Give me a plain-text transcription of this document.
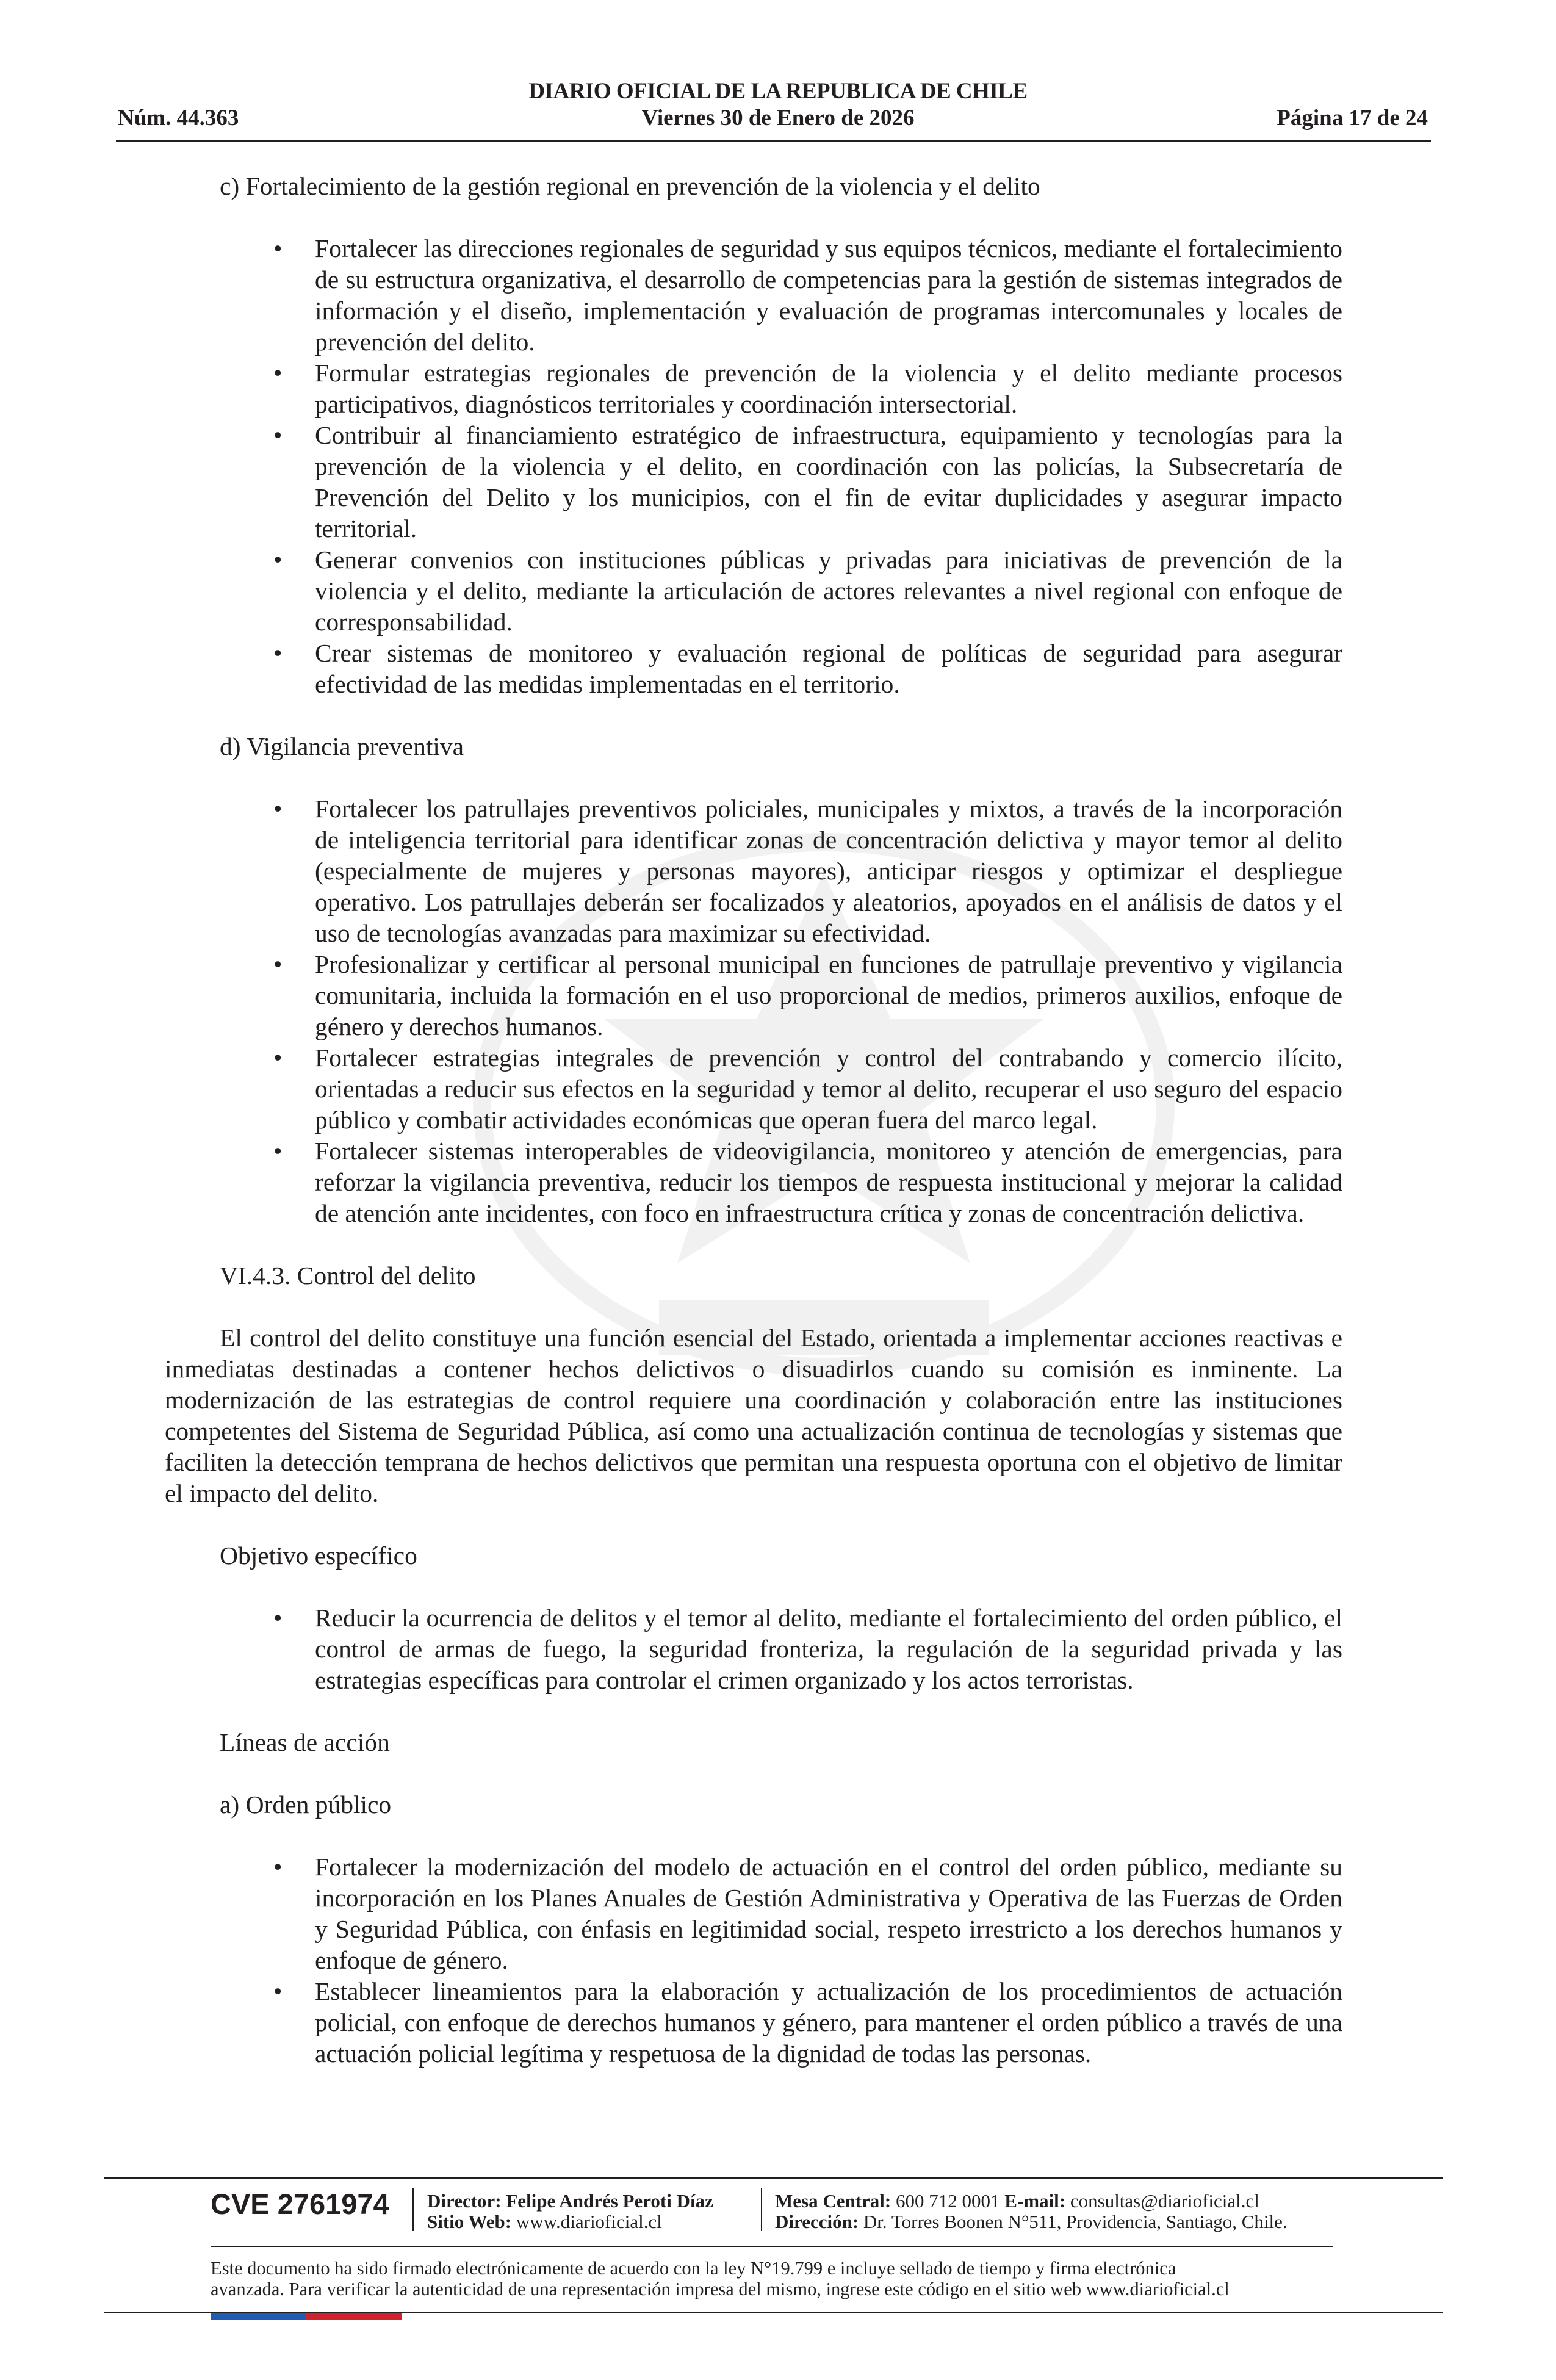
DIARIO OFICIAL DE LA REPUBLICA DE CHILE
Núm. 44.363	Viernes 30 de Enero de 2026	Página 17 de 24

c) Fortalecimiento de la gestión regional en prevención de la violencia y el delito

• Fortalecer las direcciones regionales de seguridad y sus equipos técnicos, mediante el fortalecimiento de su estructura organizativa, el desarrollo de competencias para la gestión de sistemas integrados de información y el diseño, implementación y evaluación de programas intercomunales y locales de prevención del delito.
• Formular estrategias regionales de prevención de la violencia y el delito mediante procesos participativos, diagnósticos territoriales y coordinación intersectorial.
• Contribuir al financiamiento estratégico de infraestructura, equipamiento y tecnologías para la prevención de la violencia y el delito, en coordinación con las policías, la Subsecretaría de Prevención del Delito y los municipios, con el fin de evitar duplicidades y asegurar impacto territorial.
• Generar convenios con instituciones públicas y privadas para iniciativas de prevención de la violencia y el delito, mediante la articulación de actores relevantes a nivel regional con enfoque de corresponsabilidad.
• Crear sistemas de monitoreo y evaluación regional de políticas de seguridad para asegurar efectividad de las medidas implementadas en el territorio.

d) Vigilancia preventiva

• Fortalecer los patrullajes preventivos policiales, municipales y mixtos, a través de la incorporación de inteligencia territorial para identificar zonas de concentración delictiva y mayor temor al delito (especialmente de mujeres y personas mayores), anticipar riesgos y optimizar el despliegue operativo. Los patrullajes deberán ser focalizados y aleatorios, apoyados en el análisis de datos y el uso de tecnologías avanzadas para maximizar su efectividad.
• Profesionalizar y certificar al personal municipal en funciones de patrullaje preventivo y vigilancia comunitaria, incluida la formación en el uso proporcional de medios, primeros auxilios, enfoque de género y derechos humanos.
• Fortalecer estrategias integrales de prevención y control del contrabando y comercio ilícito, orientadas a reducir sus efectos en la seguridad y temor al delito, recuperar el uso seguro del espacio público y combatir actividades económicas que operan fuera del marco legal.
• Fortalecer sistemas interoperables de videovigilancia, monitoreo y atención de emergencias, para reforzar la vigilancia preventiva, reducir los tiempos de respuesta institucional y mejorar la calidad de atención ante incidentes, con foco en infraestructura crítica y zonas de concentración delictiva.

VI.4.3. Control del delito

El control del delito constituye una función esencial del Estado, orientada a implementar acciones reactivas e inmediatas destinadas a contener hechos delictivos o disuadirlos cuando su comisión es inminente. La modernización de las estrategias de control requiere una coordinación y colaboración entre las instituciones competentes del Sistema de Seguridad Pública, así como una actualización continua de tecnologías y sistemas que faciliten la detección temprana de hechos delictivos que permitan una respuesta oportuna con el objetivo de limitar el impacto del delito.

Objetivo específico

• Reducir la ocurrencia de delitos y el temor al delito, mediante el fortalecimiento del orden público, el control de armas de fuego, la seguridad fronteriza, la regulación de la seguridad privada y las estrategias específicas para controlar el crimen organizado y los actos terroristas.

Líneas de acción

a) Orden público

• Fortalecer la modernización del modelo de actuación en el control del orden público, mediante su incorporación en los Planes Anuales de Gestión Administrativa y Operativa de las Fuerzas de Orden y Seguridad Pública, con énfasis en legitimidad social, respeto irrestricto a los derechos humanos y enfoque de género.
• Establecer lineamientos para la elaboración y actualización de los procedimientos de actuación policial, con enfoque de derechos humanos y género, para mantener el orden público a través de una actuación policial legítima y respetuosa de la dignidad de todas las personas.
CVE 2761974 Director: Felipe Andrés Peroti Díaz
Sitio Web: www.diarioficial.cl
Mesa Central: 600 712 0001 E-mail: consultas@diarioficial.cl
Dirección: Dr. Torres Boonen N°511, Providencia, Santiago, Chile.
Este documento ha sido firmado electrónicamente de acuerdo con la ley N°19.799 e incluye sellado de tiempo y firma electrónica
avanzada. Para verificar la autenticidad de una representación impresa del mismo, ingrese este código en el sitio web www.diarioficial.cl
